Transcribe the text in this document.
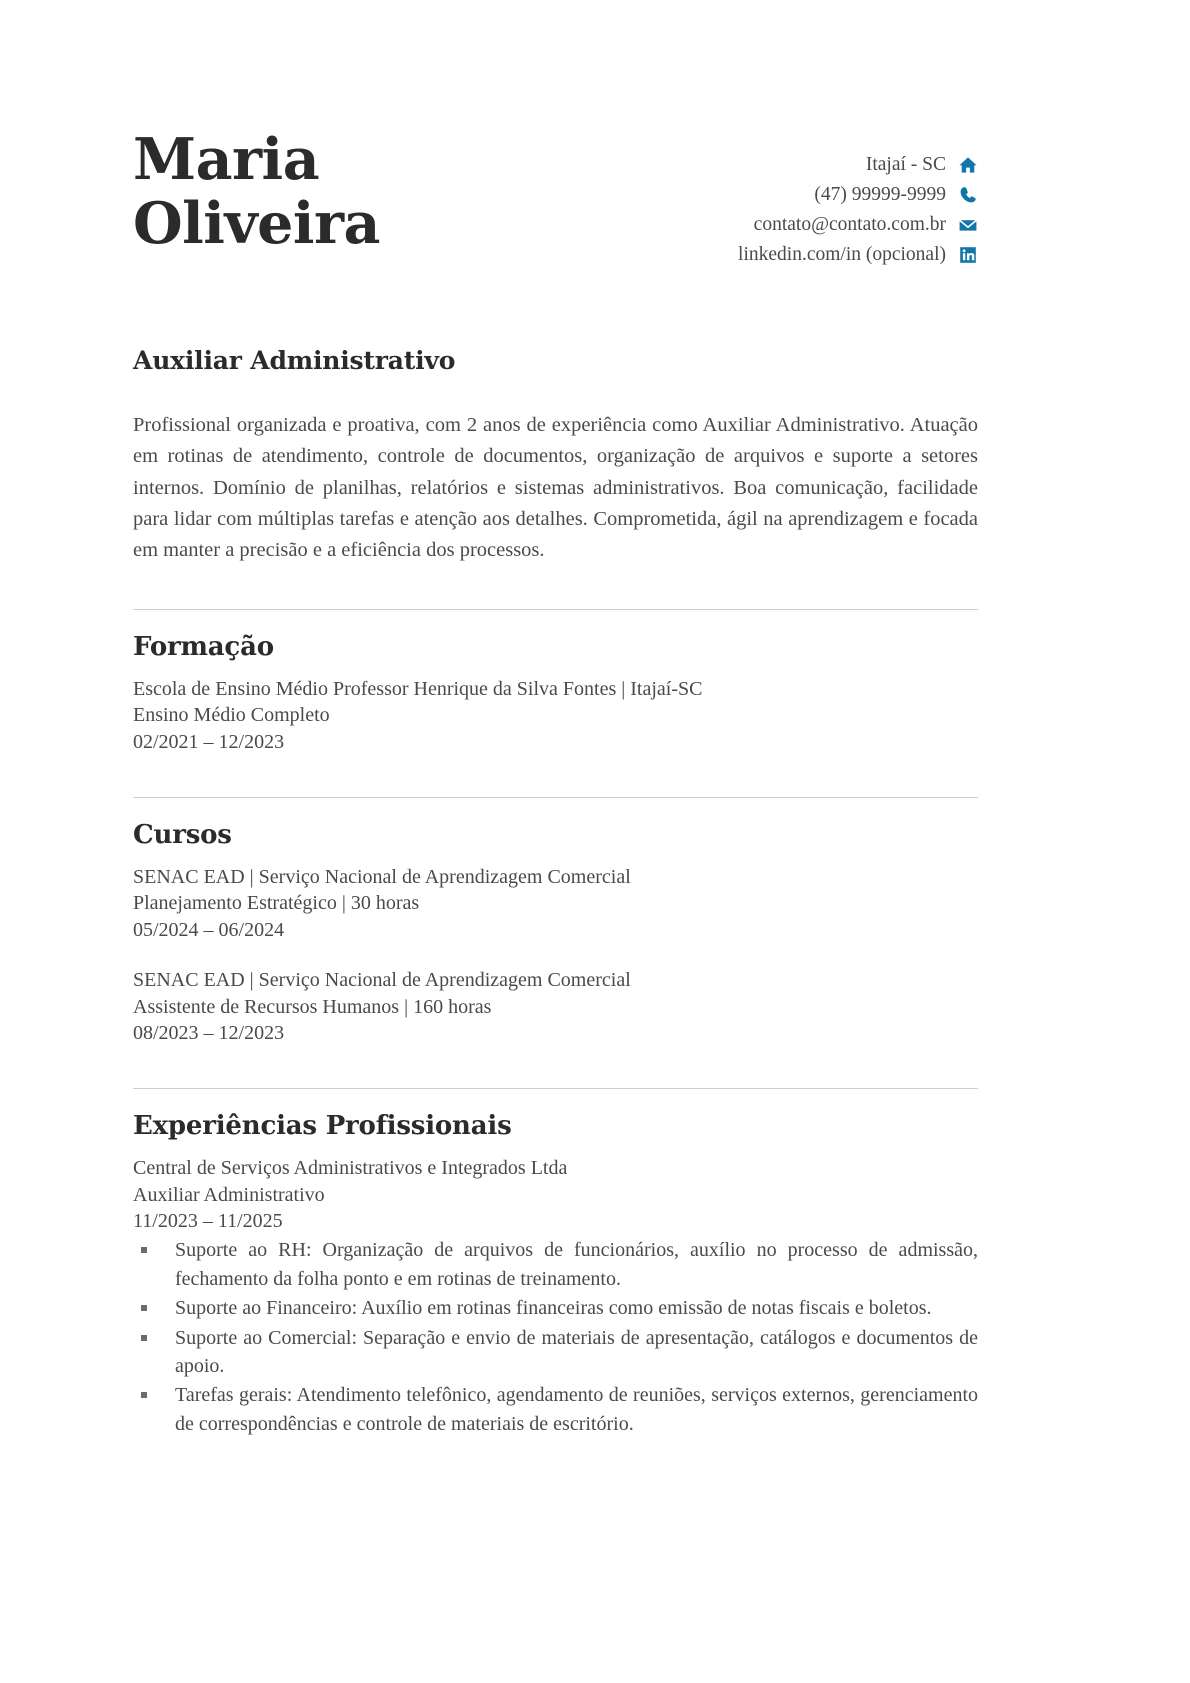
Maria
Oliveira
Itajaí - SC
(47) 99999-9999
contato@contato.com.br
linkedin.com/in (opcional)
Auxiliar Administrativo

Profissional organizada e proativa, com 2 anos de experiência como Auxiliar Administrativo. Atuação em rotinas de atendimento, controle de documentos, organização de arquivos e suporte a setores internos. Domínio de planilhas, relatórios e sistemas administrativos. Boa comunicação, facilidade para lidar com múltiplas tarefas e atenção aos detalhes. Comprometida, ágil na aprendizagem e focada em manter a precisão e a eficiência dos processos.

Formação
Escola de Ensino Médio Professor Henrique da Silva Fontes | Itajaí-SC
Ensino Médio Completo
02/2021 – 12/2023
Cursos
SENAC EAD | Serviço Nacional de Aprendizagem Comercial
Planejamento Estratégico | 30 horas
05/2024 – 06/2024
SENAC EAD | Serviço Nacional de Aprendizagem Comercial
Assistente de Recursos Humanos | 160 horas
08/2023 – 12/2023
Experiências Profissionais
Central de Serviços Administrativos e Integrados Ltda
Auxiliar Administrativo
11/2023 – 11/2025
Suporte ao RH: Organização de arquivos de funcionários, auxílio no processo de admissão, fechamento da folha ponto e em rotinas de treinamento.
Suporte ao Financeiro: Auxílio em rotinas financeiras como emissão de notas fiscais e boletos.
Suporte ao Comercial: Separação e envio de materiais de apresentação, catálogos e documentos de apoio.
Tarefas gerais: Atendimento telefônico, agendamento de reuniões, serviços externos, gerenciamento de correspondências e controle de materiais de escritório.
